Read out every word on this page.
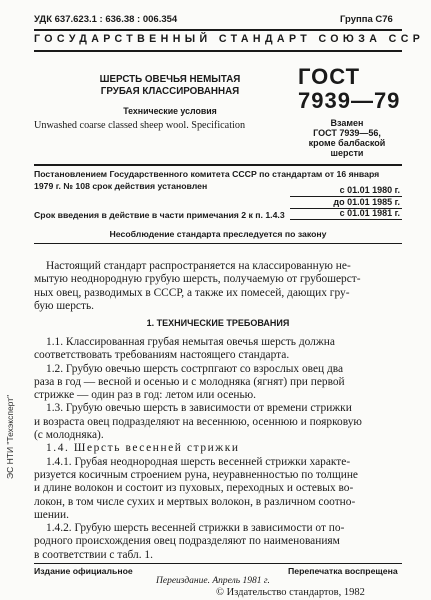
УДК 637.623.1 : 636.38 : 006.354	Группа С76
ГОСУДАРСТВЕННЫЙ СТАНДАРТ СОЮЗА ССР
ШЕРСТЬ ОВЕЧЬЯ НЕМЫТАЯ
ГРУБАЯ КЛАССИРОВАННАЯ
Технические условия
Unwashed coarse classed sheep wool. Specification
ГОСТ
7939—79
Взамен
ГОСТ 7939—56,
кроме балбаской
шерсти
Постановлением Государственного комитета СССР по стандартам от 16 января
1979 г. № 108 срок действия установлен	с 01.01 1980 г.
до 01.01 1985 г.
Срок введения в действие в части примечания 2 к п. 1.4.3	с 01.01 1981 г.
Несоблюдение стандарта преследуется по закону

Настоящий стандарт распространяется на классированную не-

мытую неоднородную грубую шерсть, получаемую от грубошерст-
ных овец, разводимых в СССР, а также их помесей, дающих гру-
бую шерсть.
1. ТЕХНИЧЕСКИЕ ТРЕБОВАНИЯ

1.1. Классированная грубая немытая овечья шерсть должна

соответствовать требованиям настоящего стандарта.

1.2. Грубую овечью шерсть сострпгают со взрослых овец два

раза в год — весной и осенью и с молодняка (ягнят) при первой
стрижке — один раз в год: летом или осенью.

1.3. Грубую овечью шерсть в зависимости от времени стрижки

и возраста овец подразделяют на весеннюю, осеннюю и поярковую
(с молодняка).

1.4. Шерсть весенней стрижки

1.4.1. Грубая неоднородная шерсть весенней стрижки характе-

ризуется косичным строением руна, неуравненностью по толщине
и длине волокон и состоит из пуховых, переходных и остевых во-
локон, в том числе сухих и мертвых волокон, в различном соотно-
шении.

1.4.2. Грубую шерсть весенней стрижки в зависимости от по-

родного происхождения овец подразделяют по наименованиям
в соответствии с табл. 1.
Издание официальное	Перепечатка воспрещена
Переиздание. Апрель 1981 г.
© Издательство стандартов, 1982
ЭС НТИ "Техэксперт"
